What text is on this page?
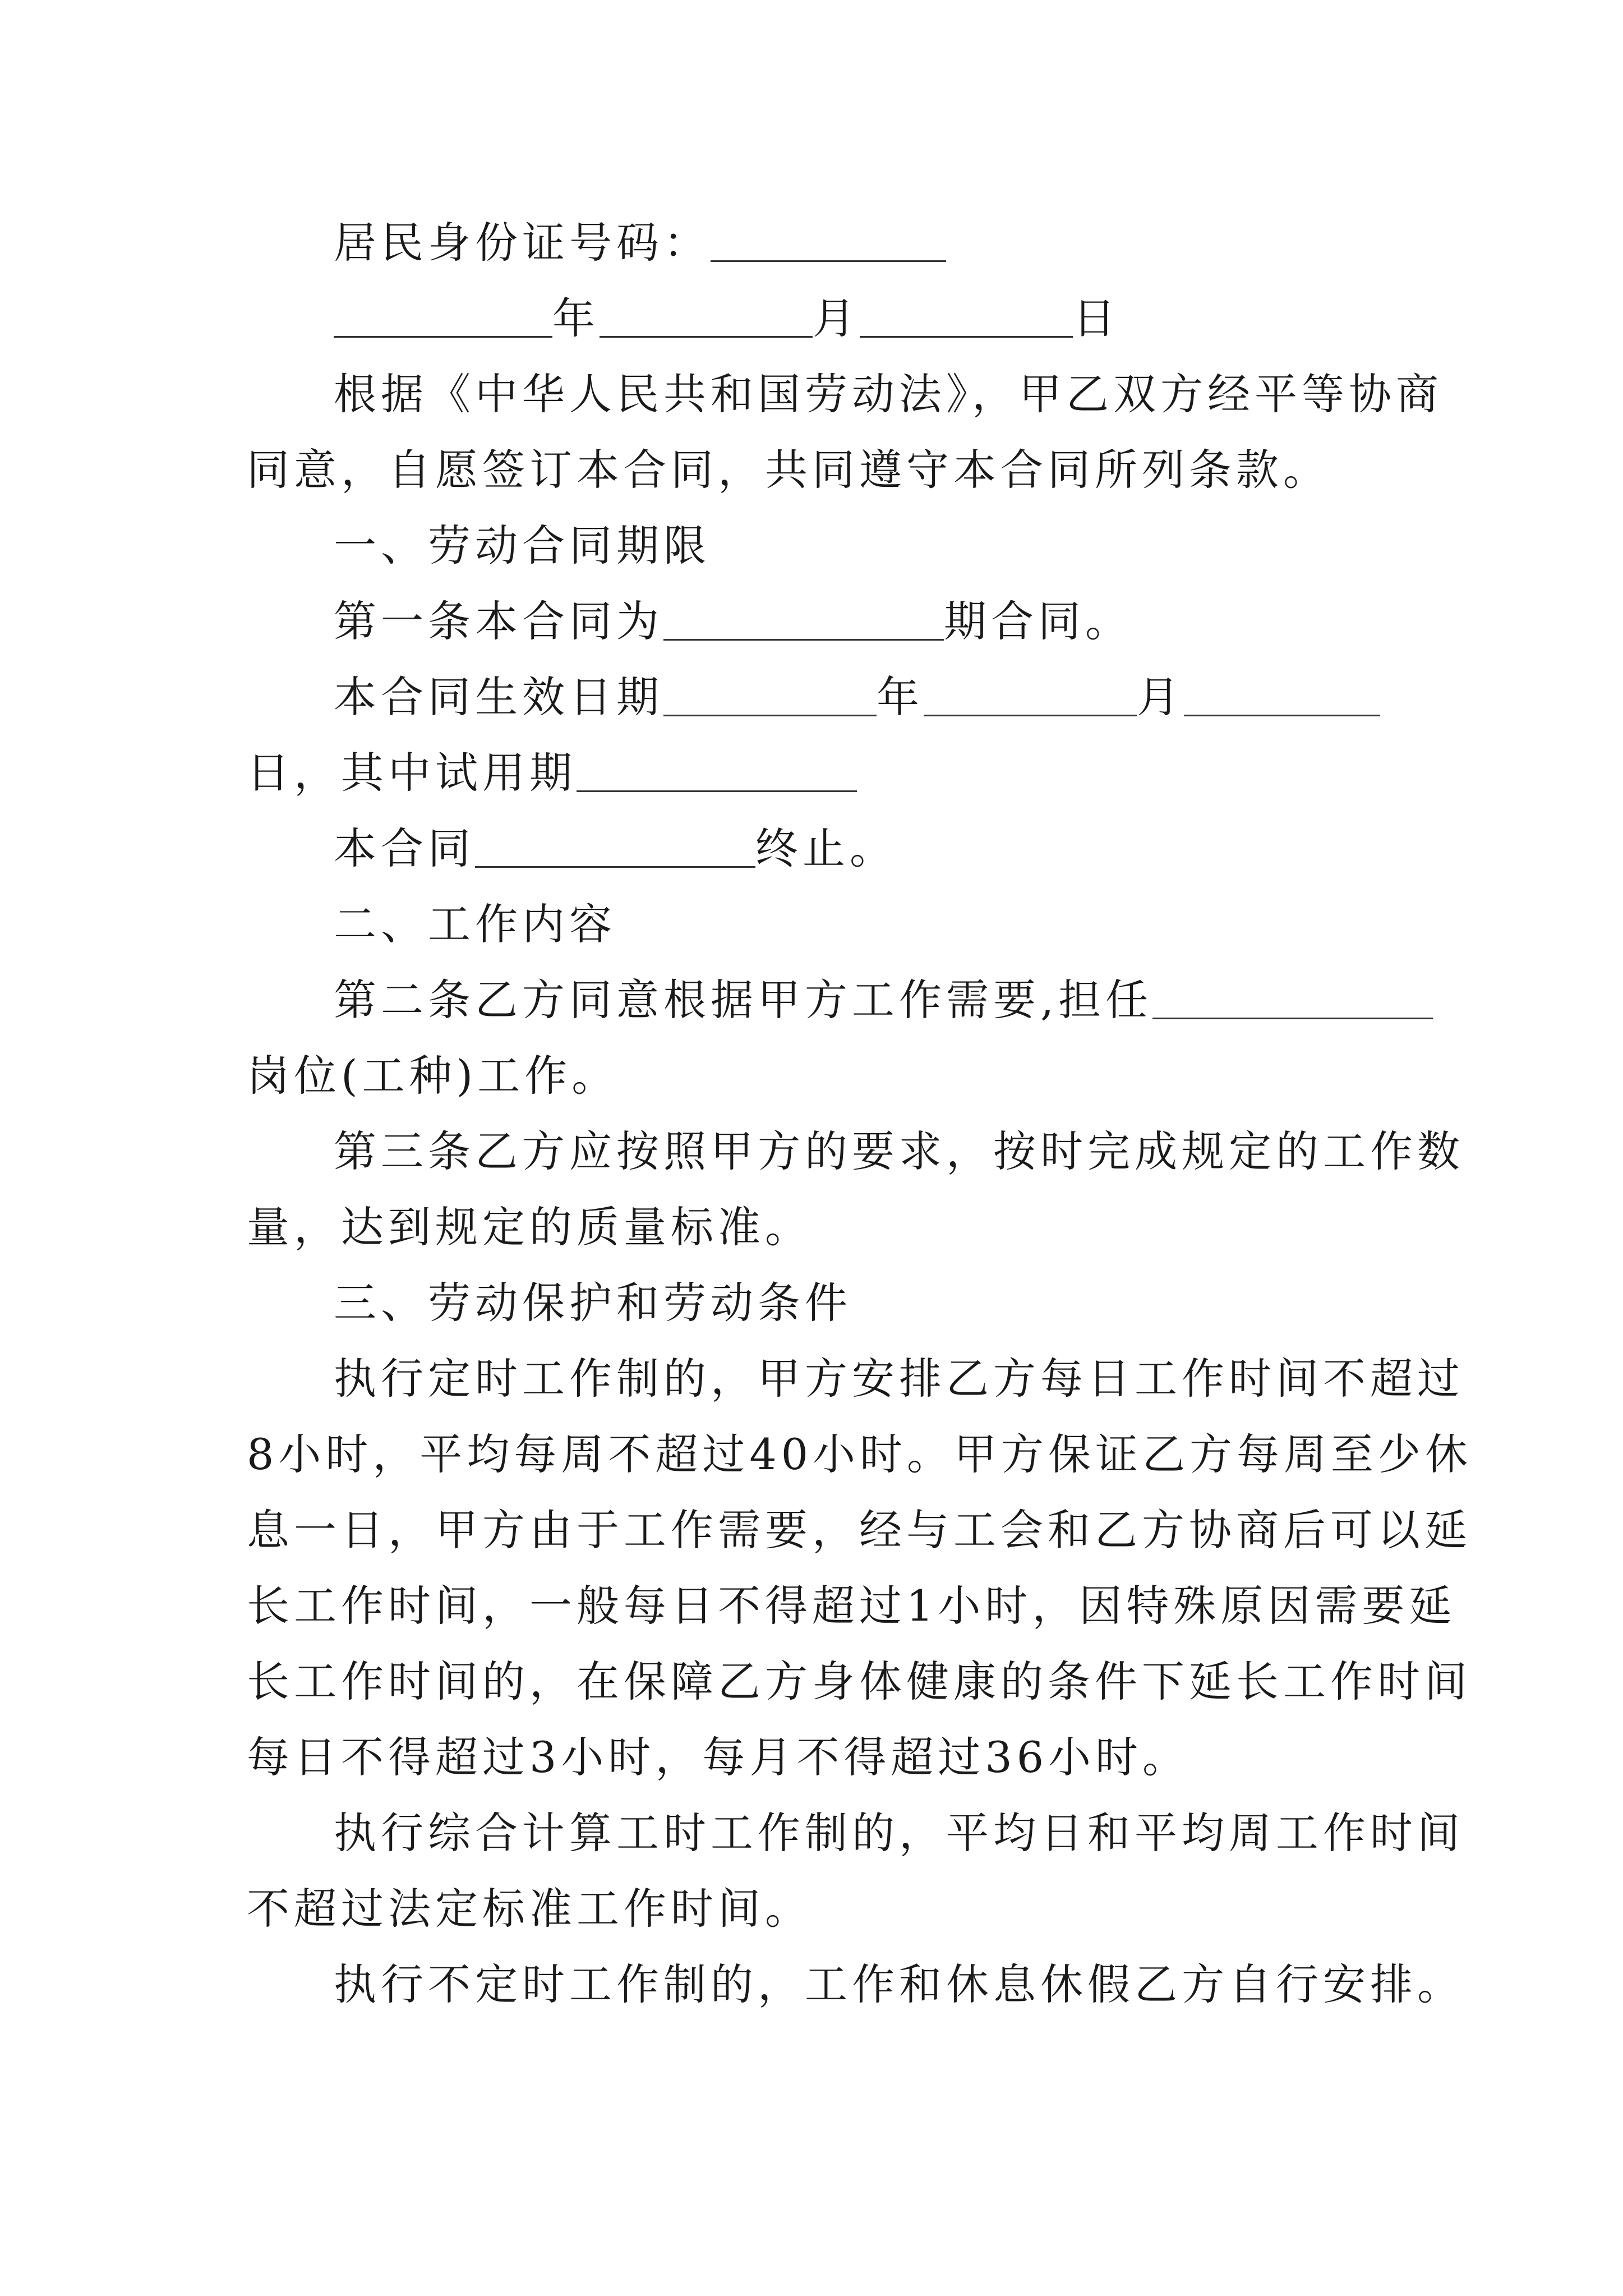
居民身份证号码：
年	月	日
根据《中华人民共和国劳动法》，甲乙双方经平等协商
同意，自愿签订本合同，共同遵守本合同所列条款。
一、劳动合同期限
第一条本合同为	期合同。
本合同生效日期	年	月
日，其中试用期
本合同	终止。
二、工作内容
第二条乙方同意根据甲方工作需要,担任
岗位(工种)工作。
第三条乙方应按照甲方的要求，按时完成规定的工作数
量，达到规定的质量标准。
三、劳动保护和劳动条件
执行定时工作制的，甲方安排乙方每日工作时间不超过
8小时，平均每周不超过40小时。甲方保证乙方每周至少休
息一日，甲方由于工作需要，经与工会和乙方协商后可以延
长工作时间，一般每日不得超过1小时，因特殊原因需要延
长工作时间的，在保障乙方身体健康的条件下延长工作时间
每日不得超过3小时，每月不得超过36小时。
执行综合计算工时工作制的，平均日和平均周工作时间
不超过法定标准工作时间。
执行不定时工作制的，工作和休息休假乙方自行安排。
